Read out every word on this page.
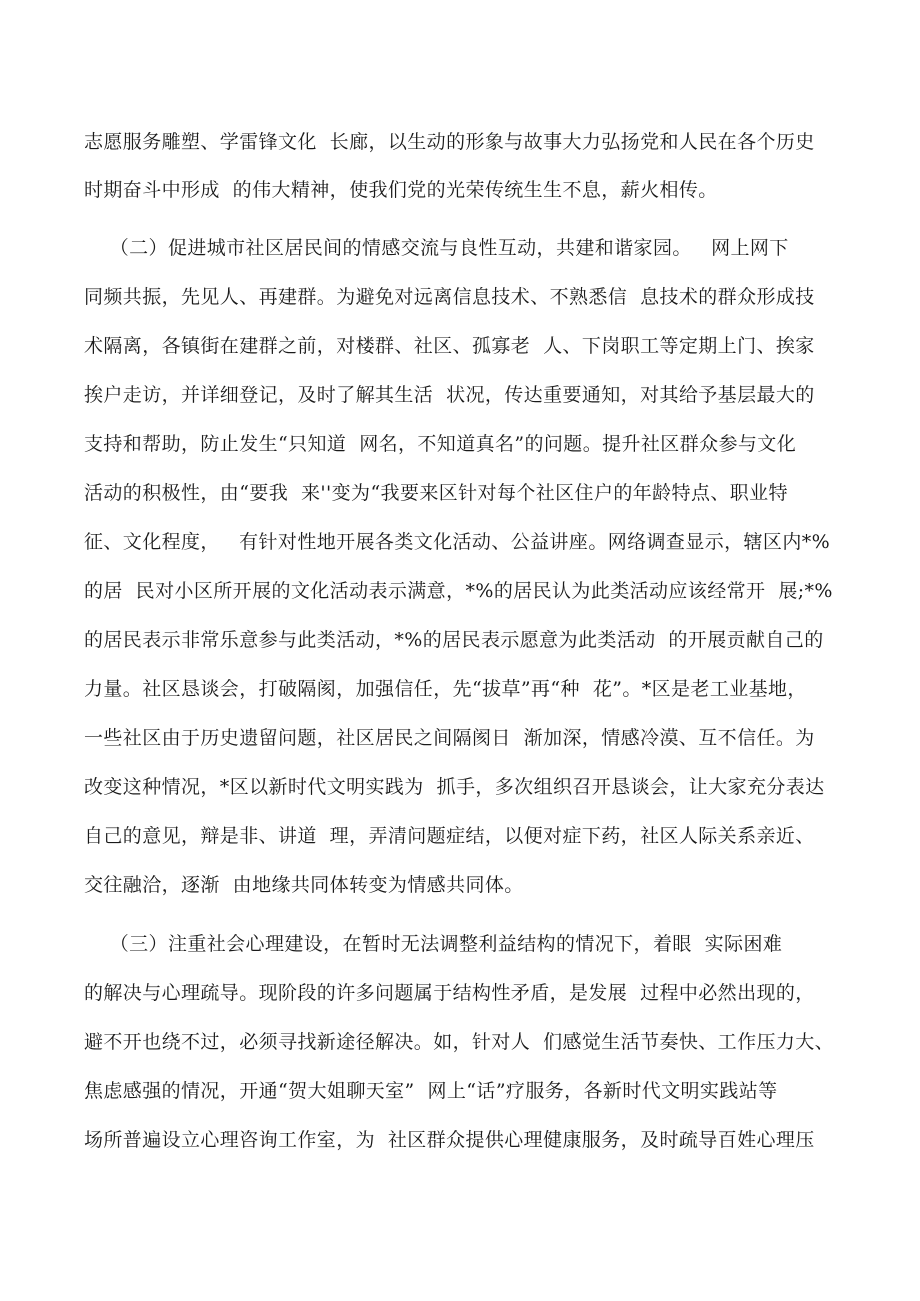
志愿服务雕塑、学雷锋文化  长廊，以生动的形象与故事大力弘扬党和人民在各个历史
时期奋斗中形成  的伟大精神，使我们党的光荣传统生生不息，薪火相传。
（二）促进城市社区居民间的情感交流与良性互动，共建和谐家园。   网上网下
同频共振，先见人、再建群。为避免对远离信息技术、不熟悉信  息技术的群众形成技
术隔离，各镇街在建群之前，对楼群、社区、孤寡老  人、下岗职工等定期上门、挨家
挨户走访，并详细登记，及时了解其生活  状况，传达重要通知，对其给予基层最大的
支持和帮助，防止发生“只知道  网名，不知道真名”的问题。提升社区群众参与文化
活动的积极性，由“要我  来''变为“我要来区针对每个社区住户的年龄特点、职业特
征、文化程度，   有针对性地开展各类文化活动、公益讲座。网络调查显示，辖区内*%
的居  民对小区所开展的文化活动表示满意，*%的居民认为此类活动应该经常开  展;*%
的居民表示非常乐意参与此类活动，*%的居民表示愿意为此类活动  的开展贡献自己的
力量。社区恳谈会，打破隔阂，加强信任，先“拔草”再“种  花”。*区是老工业基地，
一些社区由于历史遗留问题，社区居民之间隔阂日  渐加深，情感冷漠、互不信任。为
改变这种情况，*区以新时代文明实践为  抓手，多次组织召开恳谈会，让大家充分表达
自己的意见，辩是非、讲道  理，弄清问题症结，以便对症下药，社区人际关系亲近、
交往融洽，逐渐  由地缘共同体转变为情感共同体。
（三）注重社会心理建设，在暂时无法调整利益结构的情况下，着眼  实际困难
的解决与心理疏导。现阶段的许多问题属于结构性矛盾，是发展  过程中必然出现的，
避不开也绕不过，必须寻找新途径解决。如，针对人  们感觉生活节奏快、工作压力大、
焦虑感强的情况，开通“贺大姐聊天室”  网上“话”疗服务，各新时代文明实践站等
场所普遍设立心理咨询工作室，为  社区群众提供心理健康服务，及时疏导百姓心理压
